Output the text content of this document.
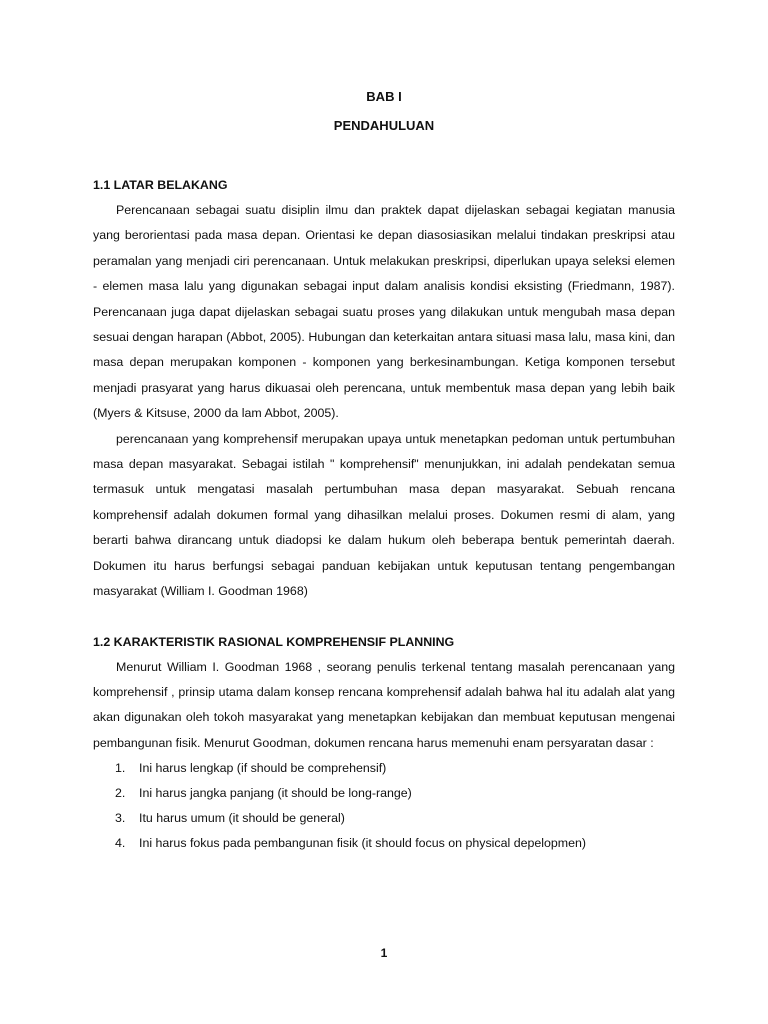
BAB I

PENDAHULUAN

1.1 LATAR BELAKANG

Perencanaan sebagai suatu disiplin ilmu dan praktek dapat dijelaskan sebagai kegiatan manusia yang berorientasi pada masa depan. Orientasi ke depan diasosiasikan melalui tindakan preskripsi atau peramalan yang menjadi ciri perencanaan. Untuk melakukan preskripsi, diperlukan upaya seleksi elemen - elemen masa lalu yang digunakan sebagai input dalam analisis kondisi eksisting (Friedmann, 1987). Perencanaan juga dapat dijelaskan sebagai suatu proses yang dilakukan untuk mengubah masa depan sesuai dengan harapan (Abbot, 2005). Hubungan dan keterkaitan antara situasi masa lalu, masa kini, dan masa depan merupakan komponen - komponen yang berkesinambungan. Ketiga komponen tersebut menjadi prasyarat yang harus dikuasai oleh perencana, untuk membentuk masa depan yang lebih baik (Myers & Kitsuse, 2000 da lam Abbot, 2005).

perencanaan yang komprehensif merupakan upaya untuk menetapkan pedoman untuk pertumbuhan masa depan masyarakat. Sebagai istilah " komprehensif" menunjukkan, ini adalah pendekatan semua termasuk untuk mengatasi masalah pertumbuhan masa depan masyarakat. Sebuah rencana komprehensif adalah dokumen formal yang dihasilkan melalui proses. Dokumen resmi di alam, yang berarti bahwa dirancang untuk diadopsi ke dalam hukum oleh beberapa bentuk pemerintah daerah. Dokumen itu harus berfungsi sebagai panduan kebijakan untuk keputusan tentang pengembangan masyarakat (William I. Goodman 1968)

1.2 KARAKTERISTIK RASIONAL KOMPREHENSIF PLANNING

Menurut William I. Goodman 1968 , seorang penulis terkenal tentang masalah perencanaan yang komprehensif , prinsip utama dalam konsep rencana komprehensif adalah bahwa hal itu adalah alat yang akan digunakan oleh tokoh masyarakat yang menetapkan kebijakan dan membuat keputusan mengenai pembangunan fisik. Menurut Goodman, dokumen rencana harus memenuhi enam persyaratan dasar :

1. Ini harus lengkap (if should be comprehensif)
2. Ini harus jangka panjang (it should be long-range)
3. Itu harus umum (it should be general)
4. Ini harus fokus pada pembangunan fisik (it should focus on physical depelopmen)
1
